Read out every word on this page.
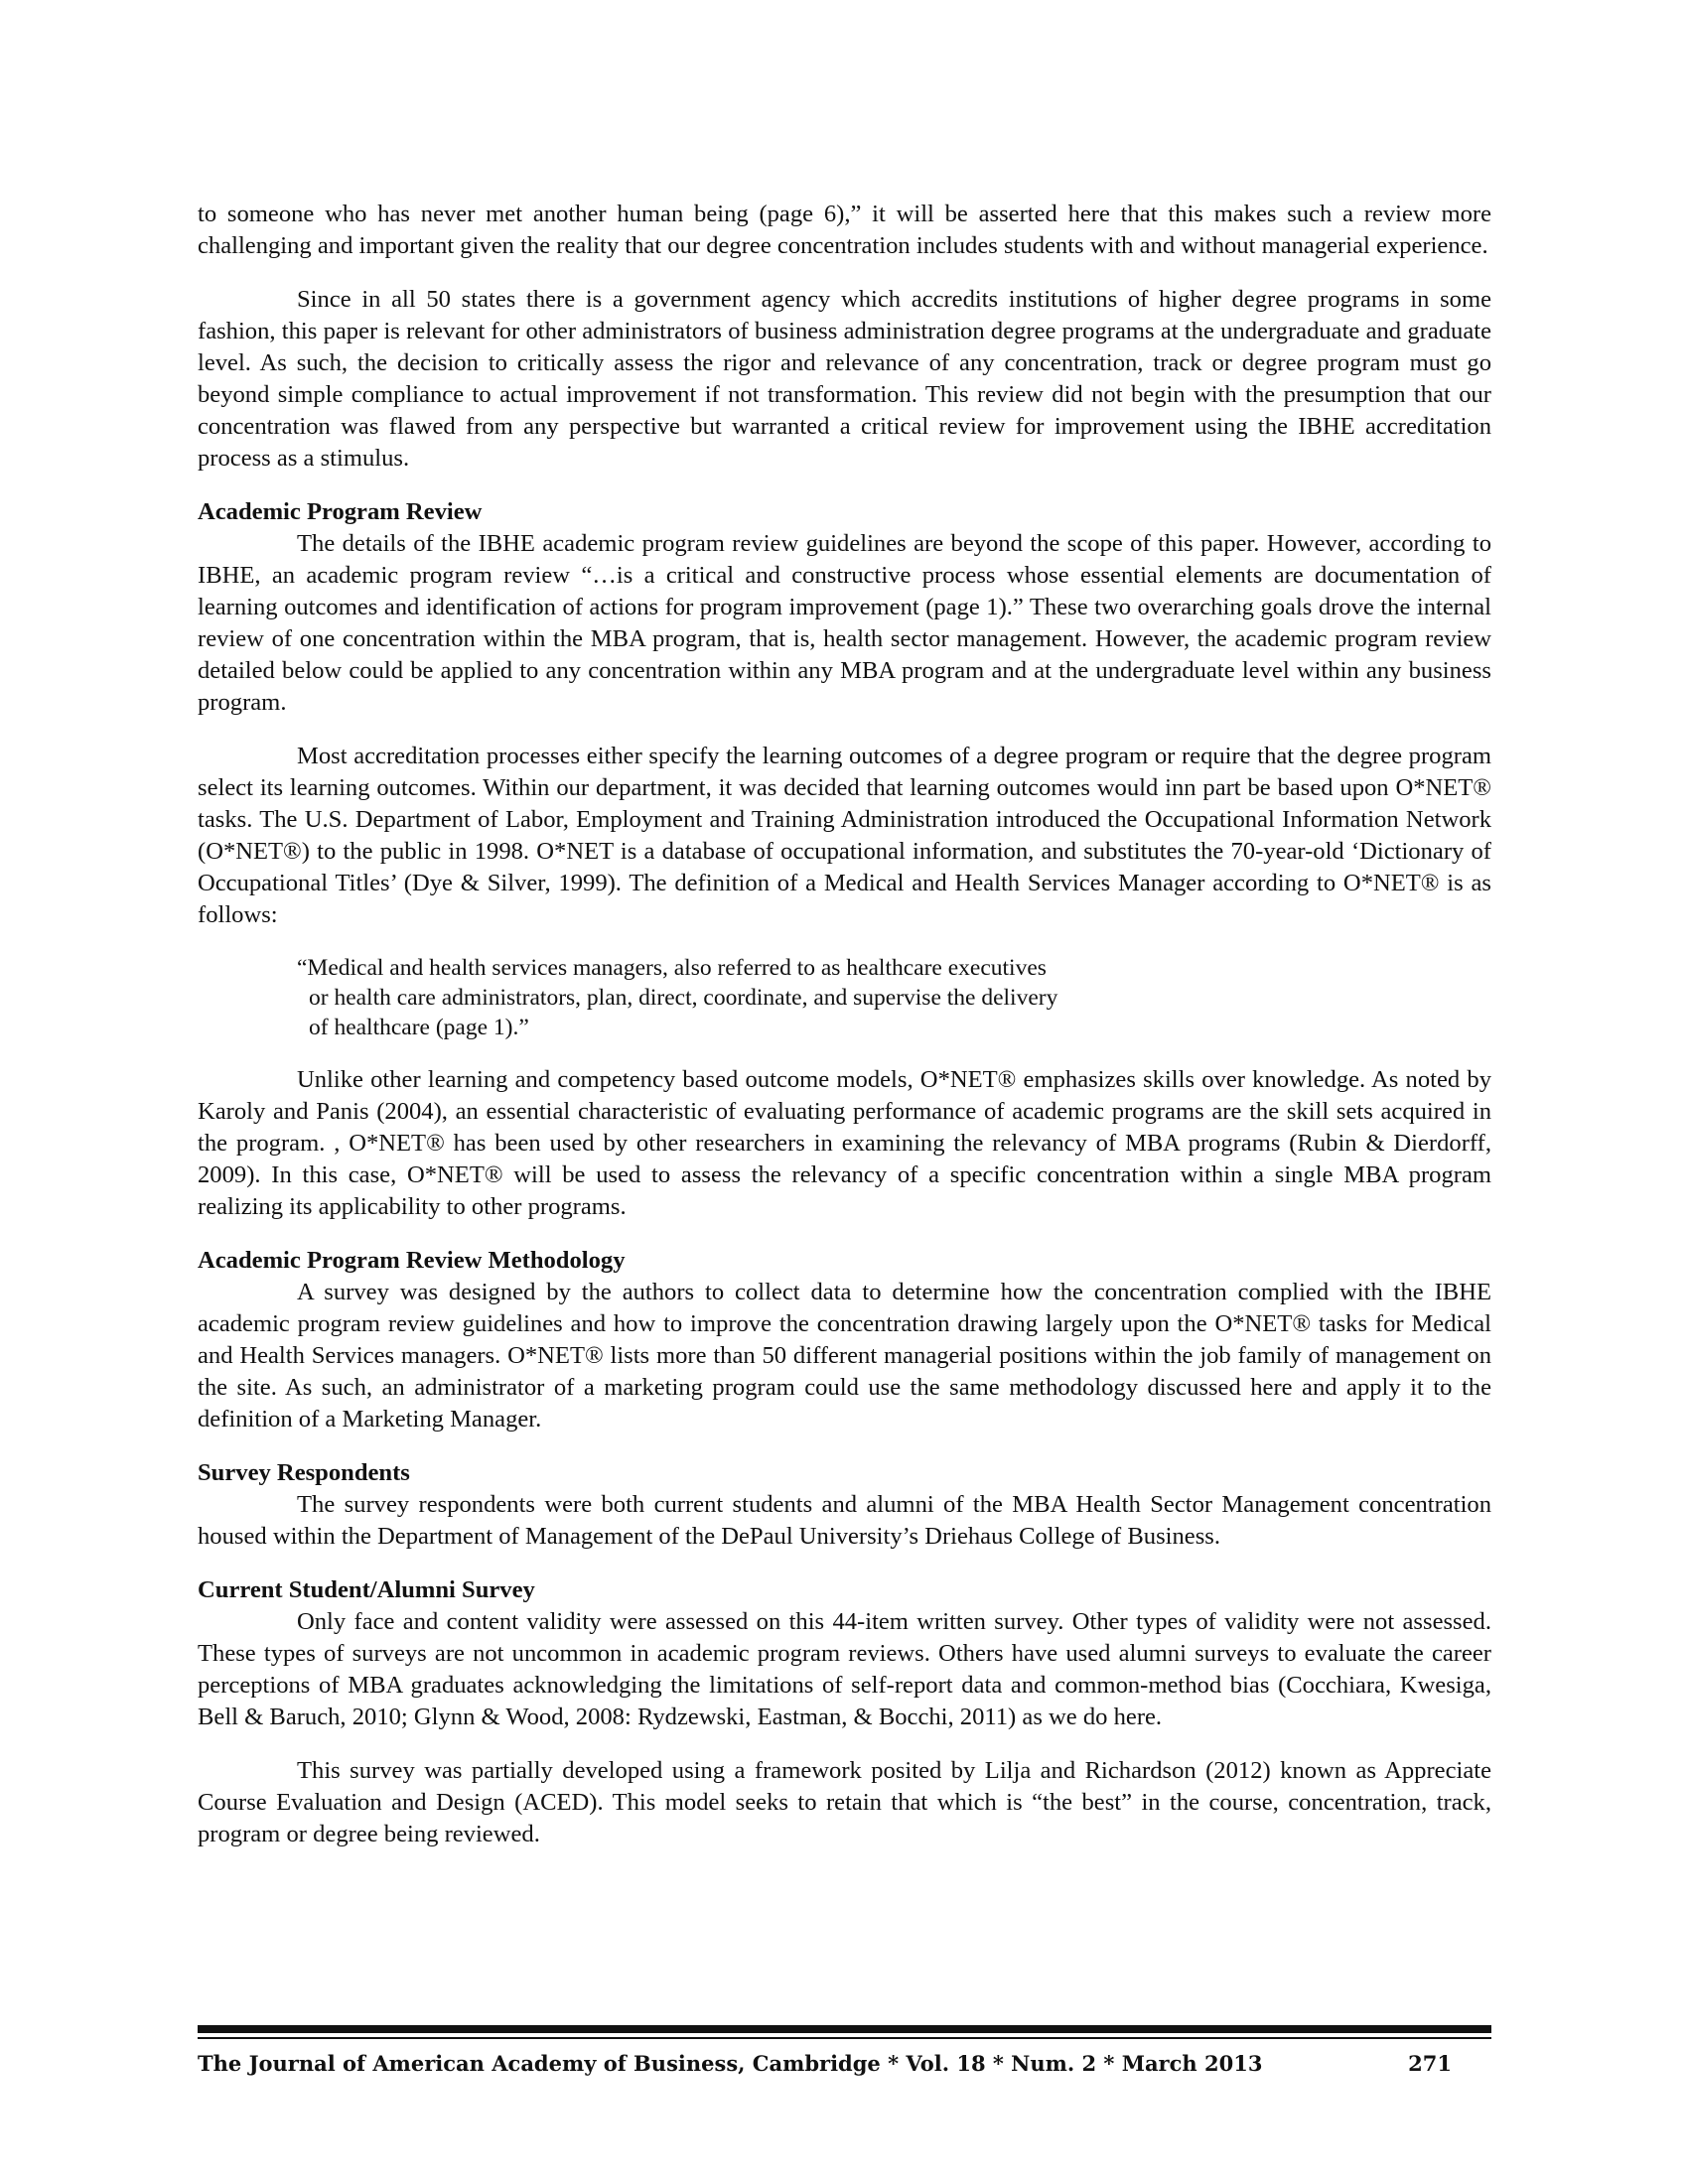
to someone who has never met another human being (page 6),” it will be asserted here that this makes such a review more challenging and important given the reality that our degree concentration includes students with and without managerial experience.

Since in all 50 states there is a government agency which accredits institutions of higher degree programs in some fashion, this paper is relevant for other administrators of business administration degree programs at the undergraduate and graduate level. As such, the decision to critically assess the rigor and relevance of any concentration, track or degree program must go beyond simple compliance to actual improvement if not transformation. This review did not begin with the presumption that our concentration was flawed from any perspective but warranted a critical review for improvement using the IBHE accreditation process as a stimulus.

Academic Program Review

The details of the IBHE academic program review guidelines are beyond the scope of this paper. However, according to IBHE, an academic program review “…is a critical and constructive process whose essential elements are documentation of learning outcomes and identification of actions for program improvement (page 1).” These two overarching goals drove the internal review of one concentration within the MBA program, that is, health sector management. However, the academic program review detailed below could be applied to any concentration within any MBA program and at the undergraduate level within any business program.

Most accreditation processes either specify the learning outcomes of a degree program or require that the degree program select its learning outcomes. Within our department, it was decided that learning outcomes would inn part be based upon O*NET® tasks. The U.S. Department of Labor, Employment and Training Administration introduced the Occupational Information Network (O*NET®) to the public in 1998. O*NET is a database of occupational information, and substitutes the 70-year-old ‘Dictionary of Occupational Titles’ (Dye & Silver, 1999). The definition of a Medical and Health Services Manager according to O*NET® is as follows:

“Medical and health services managers, also referred to as healthcare executives
or health care administrators, plan, direct, coordinate, and supervise the delivery
of healthcare (page 1).”

Unlike other learning and competency based outcome models, O*NET® emphasizes skills over knowledge. As noted by Karoly and Panis (2004), an essential characteristic of evaluating performance of academic programs are the skill sets acquired in the program. , O*NET® has been used by other researchers in examining the relevancy of MBA programs (Rubin & Dierdorff, 2009). In this case, O*NET® will be used to assess the relevancy of a specific concentration within a single MBA program realizing its applicability to other programs.

Academic Program Review Methodology

A survey was designed by the authors to collect data to determine how the concentration complied with the IBHE academic program review guidelines and how to improve the concentration drawing largely upon the O*NET® tasks for Medical and Health Services managers. O*NET® lists more than 50 different managerial positions within the job family of management on the site. As such, an administrator of a marketing program could use the same methodology discussed here and apply it to the definition of a Marketing Manager.

Survey Respondents

The survey respondents were both current students and alumni of the MBA Health Sector Management concentration housed within the Department of Management of the DePaul University’s Driehaus College of Business.

Current Student/Alumni Survey

Only face and content validity were assessed on this 44-item written survey. Other types of validity were not assessed. These types of surveys are not uncommon in academic program reviews. Others have used alumni surveys to evaluate the career perceptions of MBA graduates acknowledging the limitations of self-report data and common-method bias (Cocchiara, Kwesiga, Bell & Baruch, 2010; Glynn & Wood, 2008: Rydzewski, Eastman, & Bocchi, 2011) as we do here.

This survey was partially developed using a framework posited by Lilja and Richardson (2012) known as Appreciate Course Evaluation and Design (ACED). This model seeks to retain that which is “the best” in the course, concentration, track, program or degree being reviewed.

The Journal of American Academy of Business, Cambridge * Vol. 18 * Num. 2 * March 2013	271
